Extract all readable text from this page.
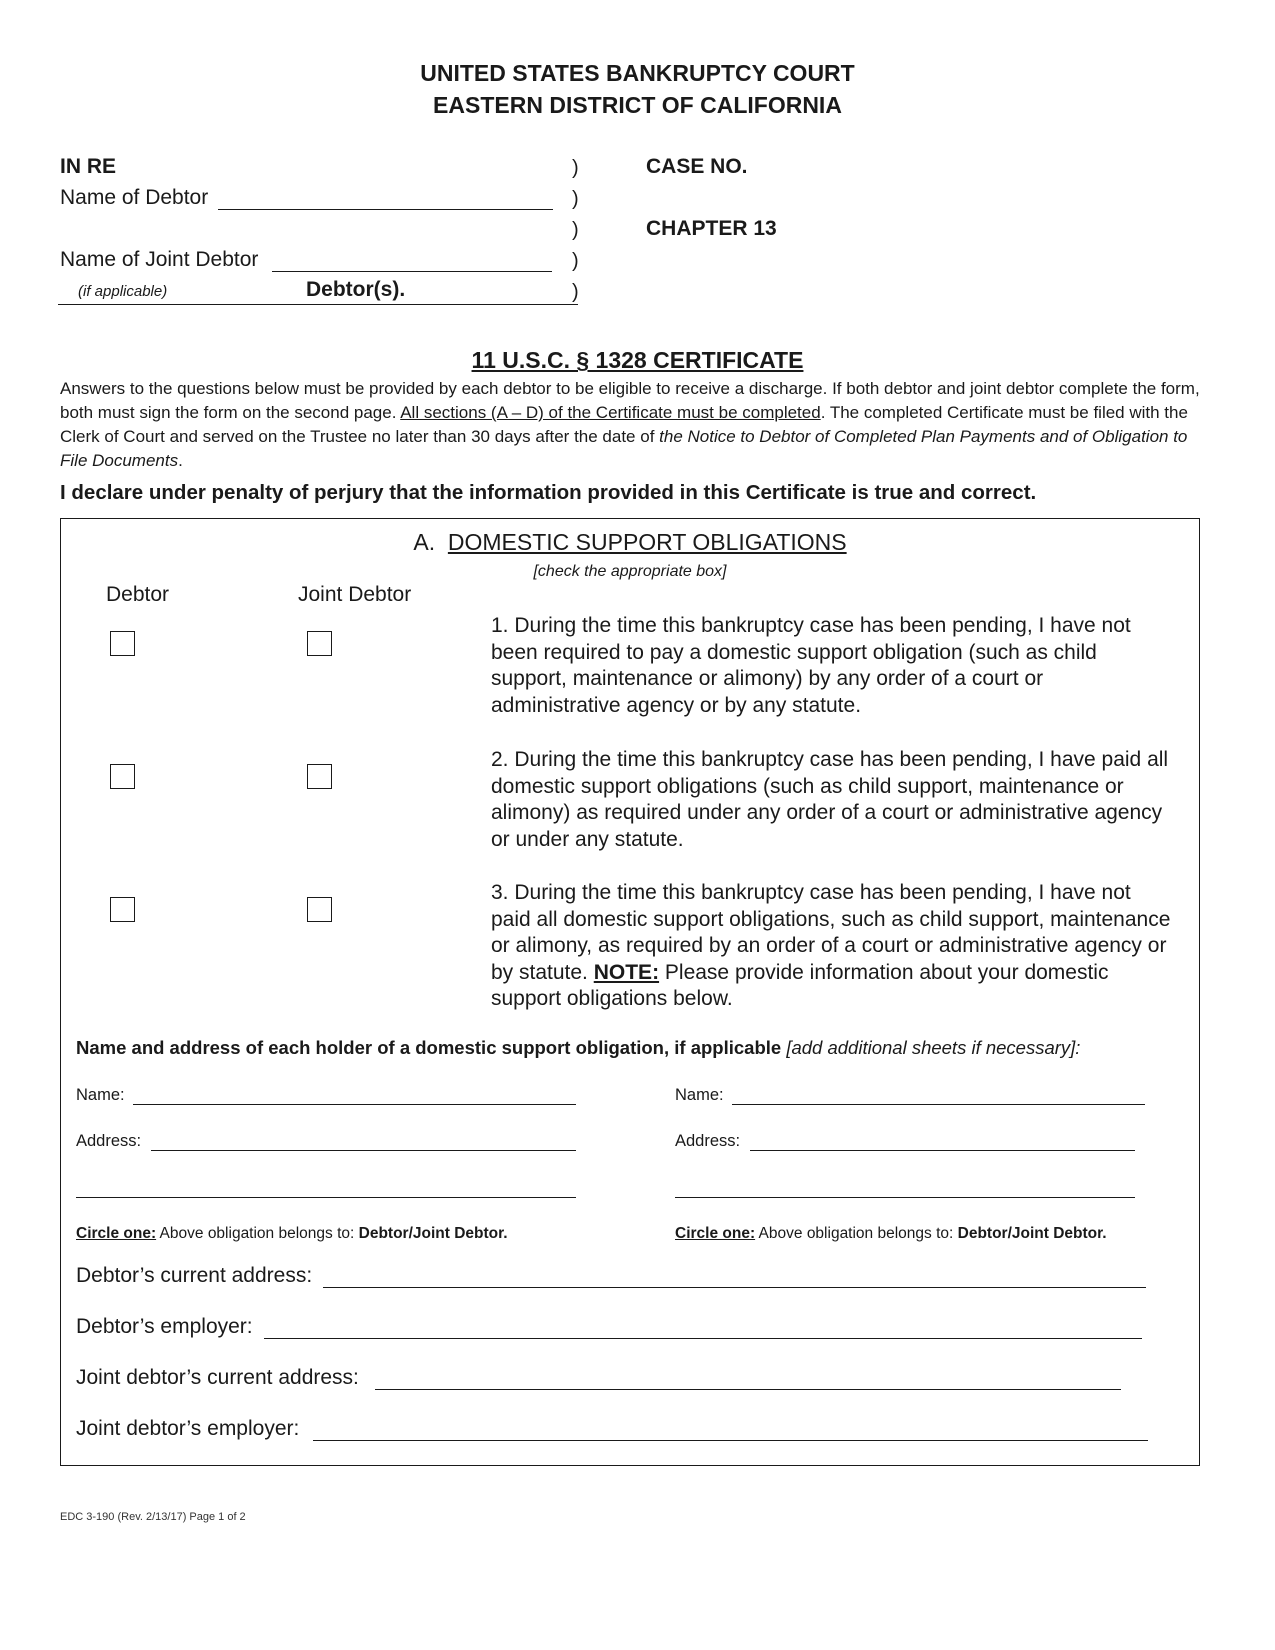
UNITED STATES BANKRUPTCY COURT
EASTERN DISTRICT OF CALIFORNIA
IN RE
Name of Debtor
Name of Joint Debtor
(if applicable)	Debtor(s).
)
)
)
)
)
CASE NO.
CHAPTER 13
11 U.S.C. § 1328 CERTIFICATE
Answers to the questions below must be provided by each debtor to be eligible to receive a discharge. If both debtor and joint debtor complete the form, both must sign the form on the second page. All sections (A – D) of the Certificate must be completed. The completed Certificate must be filed with the Clerk of Court and served on the Trustee no later than 30 days after the date of the Notice to Debtor of Completed Plan Payments and of Obligation to File Documents.
I declare under penalty of perjury that the information provided in this Certificate is true and correct.
A. DOMESTIC SUPPORT OBLIGATIONS
[check the appropriate box]
Debtor	Joint Debtor
1. During the time this bankruptcy case has been pending, I have not been required to pay a domestic support obligation (such as child support, maintenance or alimony) by any order of a court or administrative agency or by any statute.
2. During the time this bankruptcy case has been pending, I have paid all domestic support obligations (such as child support, maintenance or alimony) as required under any order of a court or administrative agency or under any statute.
3. During the time this bankruptcy case has been pending, I have not paid all domestic support obligations, such as child support, maintenance or alimony, as required by an order of a court or administrative agency or by statute. NOTE: Please provide information about your domestic support obligations below.
Name and address of each holder of a domestic support obligation, if applicable [add additional sheets if necessary]:
Name:
Address:
Circle one: Above obligation belongs to: Debtor/Joint Debtor.
Name:
Address:
Circle one: Above obligation belongs to: Debtor/Joint Debtor.
Debtor’s current address:
Debtor’s employer:
Joint debtor’s current address:
Joint debtor’s employer:
EDC 3-190 (Rev. 2/13/17) Page 1 of 2
